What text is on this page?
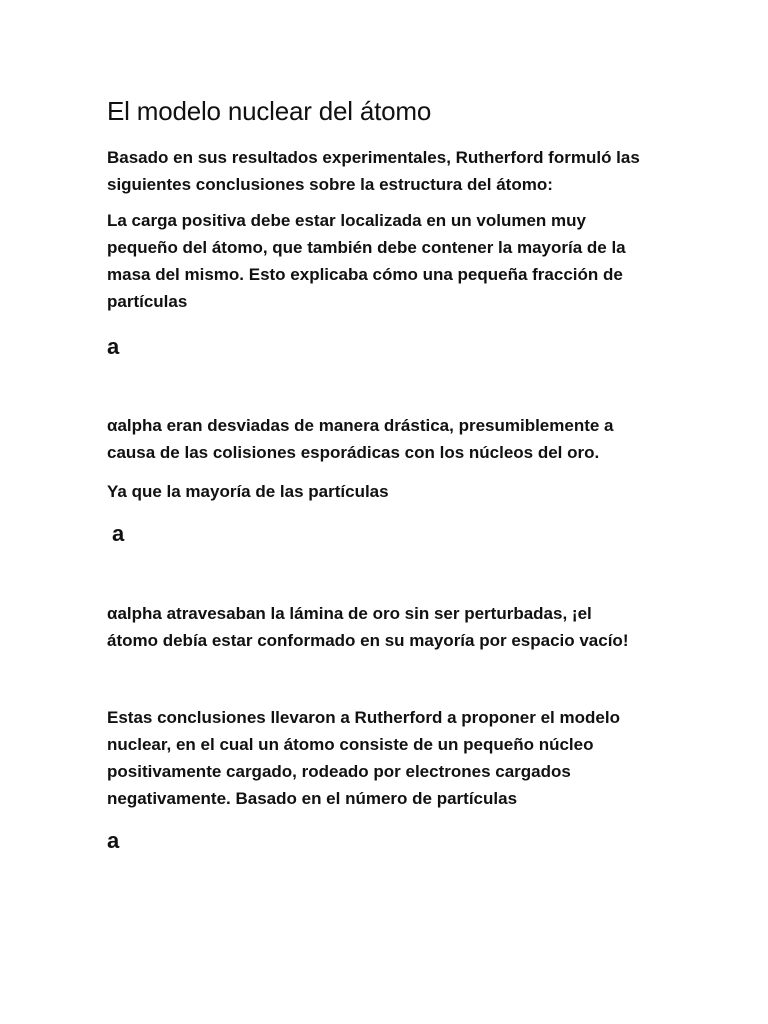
El modelo nuclear del átomo

Basado en sus resultados experimentales, Rutherford formuló las
siguientes conclusiones sobre la estructura del átomo:

La carga positiva debe estar localizada en un volumen muy
pequeño del átomo, que también debe contener la mayoría de la
masa del mismo. Esto explicaba cómo una pequeña fracción de
partículas

a

αalpha eran desviadas de manera drástica, presumiblemente a
causa de las colisiones esporádicas con los núcleos del oro.

Ya que la mayoría de las partículas

a

αalpha atravesaban la lámina de oro sin ser perturbadas, ¡el
átomo debía estar conformado en su mayoría por espacio vacío!

Estas conclusiones llevaron a Rutherford a proponer el modelo
nuclear, en el cual un átomo consiste de un pequeño núcleo
positivamente cargado, rodeado por electrones cargados
negativamente. Basado en el número de partículas

a
